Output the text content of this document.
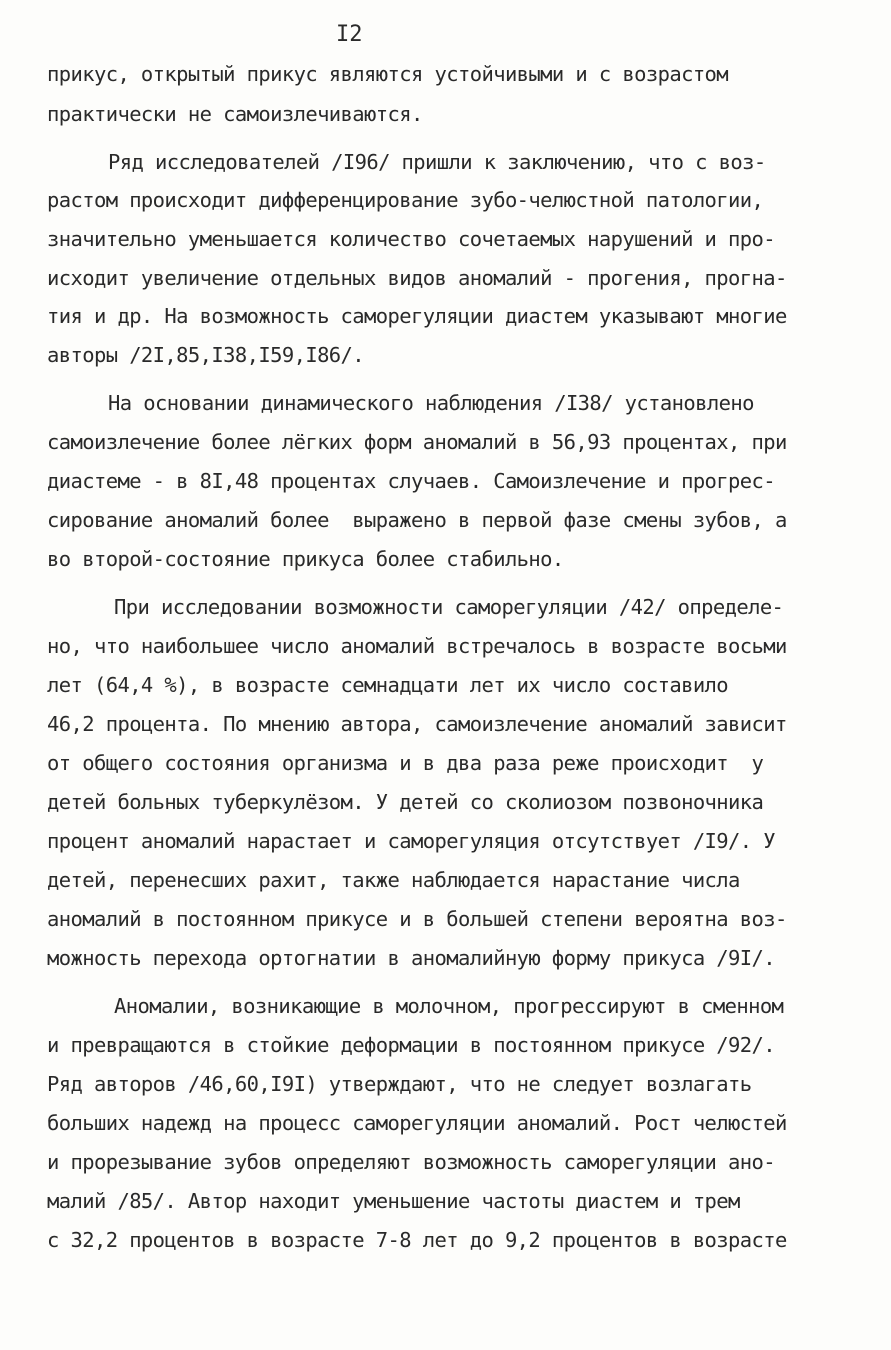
I2
прикус, открытый прикус являются устойчивыми и с возрастом
практически не самоизлечиваются.
Ряд исследователей /I96/ пришли к заключению, что с воз-
растом происходит дифференцирование зубо-челюстной патологии,
значительно уменьшается количество сочетаемых нарушений и про-
исходит увеличение отдельных видов аномалий - прогения, прогна-
тия и др. На возможность саморегуляции диастем указывают многие
авторы /2I,85,I38,I59,I86/.
На основании динамического наблюдения /I38/ установлено
самоизлечение более лёгких форм аномалий в 56,93 процентах, при
диастеме - в 8I,48 процентах случаев. Самоизлечение и прогрес-
сирование аномалий более  выражено в первой фазе смены зубов, а
во второй-состояние прикуса более стабильно.
При исследовании возможности саморегуляции /42/ определе-
но, что наибольшее число аномалий встречалось в возрасте восьми
лет (64,4 %), в возрасте семнадцати лет их число составило
46,2 процента. По мнению автора, самоизлечение аномалий зависит
от общего состояния организма и в два раза реже происходит  у
детей больных туберкулёзом. У детей со сколиозом позвоночника
процент аномалий нарастает и саморегуляция отсутствует /I9/. У
детей, перенесших рахит, также наблюдается нарастание числа
аномалий в постоянном прикусе и в большей степени вероятна воз-
можность перехода ортогнатии в аномалийную форму прикуса /9I/.
Аномалии, возникающие в молочном, прогрессируют в сменном
и превращаются в стойкие деформации в постоянном прикусе /92/.
Ряд авторов /46,60,I9I) утверждают, что не следует возлагать
больших надежд на процесс саморегуляции аномалий. Рост челюстей
и прорезывание зубов определяют возможность саморегуляции ано-
малий /85/. Автор находит уменьшение частоты диастем и трем
с 32,2 процентов в возрасте 7-8 лет до 9,2 процентов в возрасте
